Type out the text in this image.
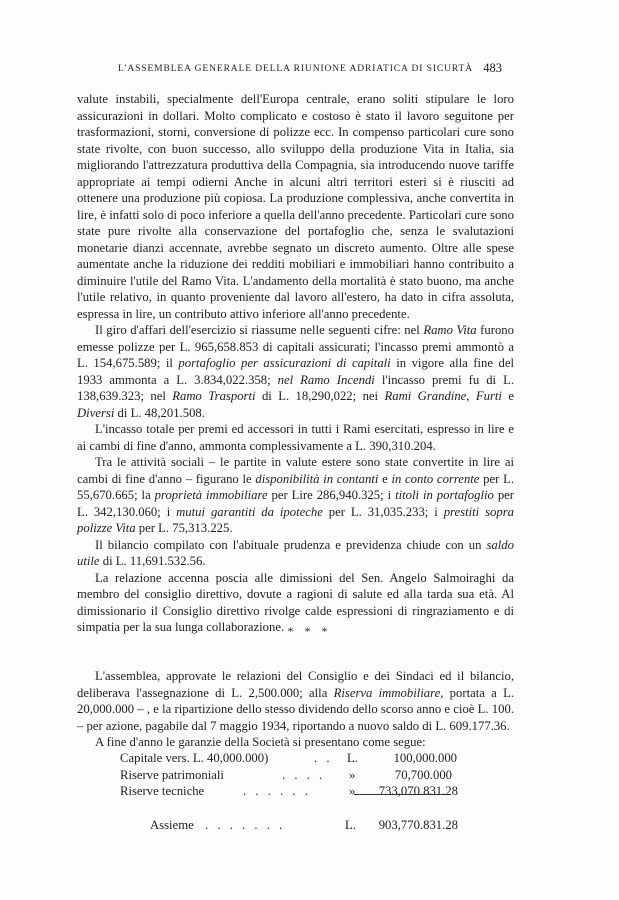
L'ASSEMBLEA GENERALE DELLA RIUNIONE ADRIATICA DI SICURTÀ 483

valute instabili, specialmente dell'Europa centrale, erano soliti stipulare le loro assicurazioni in dollari. Molto complicato e costoso è stato il lavoro seguitone per trasformazioni, storni, conversione di polizze ecc. In compenso particolari cure sono state rivolte, con buon successo, allo sviluppo della produzione Vita in Italia, sia migliorando l'attrezzatura produttiva della Compagnia, sia introducendo nuove tariffe appropriate ai tempi odierni Anche in alcuni altri territori esteri si è riusciti ad ottenere una produzione più copiosa. La produzione complessiva, anche convertita in lire, è infatti solo di poco inferiore a quella dell'anno precedente. Particolari cure sono state pure rivolte alla conservazione del portafoglio che, senza le svalutazioni monetarie dianzi accennate, avrebbe segnato un discreto aumento. Oltre alle spese aumentate anche la riduzione dei redditi mobiliari e immobiliari hanno contribuito a diminuire l'utile del Ramo Vita. L'andamento della mortalità è stato buono, ma anche l'utile relativo, in quanto proveniente dal lavoro all'estero, ha dato in cifra assoluta, espressa in lire, un contributo attivo inferiore all'anno precedente.

Il giro d'affari dell'esercizio si riassume nelle seguenti cifre: nel Ramo Vita furono emesse polizze per L. 965,658.853 di capitali assicurati; l'incasso premi ammontò a L. 154,675.589; il portafoglio per assicurazioni di capitali in vigore alla fine del 1933 ammonta a L. 3.834,022.358; nel Ramo Incendi l'incasso premi fu di L. 138,639.323; nel Ramo Trasporti di L. 18,290,022; nei Rami Grandine, Furti e Diversi di L. 48,201.508.

L'incasso totale per premi ed accessori in tutti i Rami esercitati, espresso in lire e ai cambi di fine d'anno, ammonta complessivamente a L. 390,310.204.

Tra le attività sociali – le partite in valute estere sono state convertite in lire ai cambi di fine d'anno – figurano le disponibilità in contanti e in conto corrente per L. 55,670.665; la proprietà immobiliare per Lire 286,940.325; i titoli in portafoglio per L. 342,130.060; i mutui garantiti da ipoteche per L. 31,035.233; i prestiti sopra polizze Vita per L. 75,313.225.

Il bilancio compilato con l'abituale prudenza e previdenza chiude con un saldo utile di L. 11,691.532.56.

La relazione accenna poscia alle dimissioni del Sen. Angelo Salmoiraghi da membro del consiglio direttivo, dovute a ragioni di salute ed alla tarda sua età. Al dimissionario il Consiglio direttivo rivolge calde espressioni di ringraziamento e di simpatia per la sua lunga collaborazione. * * *

L'assemblea, approvate le relazioni del Consiglio e dei Sindaci ed il bilancio, deliberava l'assegnazione di L. 2,500.000; alla Riserva immobiliare, portata a L. 20,000.000 – , e la ripartizione dello stesso dividendo dello scorso anno e cioè L. 100. – per azione, pagabile dal 7 maggio 1934, riportando a nuovo saldo di L. 609.177.36.

A fine d'anno le garanzie della Società si presentano come segue:

Capitale vers. L. 40,000.000)	. . L.	100,000.000
Riserve patrimoniali	. . . . »	70,700.000
Riserve tecniche	. . . . . .	»	733,070.831.28
Assieme . . . . . . .	L.	903,770.831.28
